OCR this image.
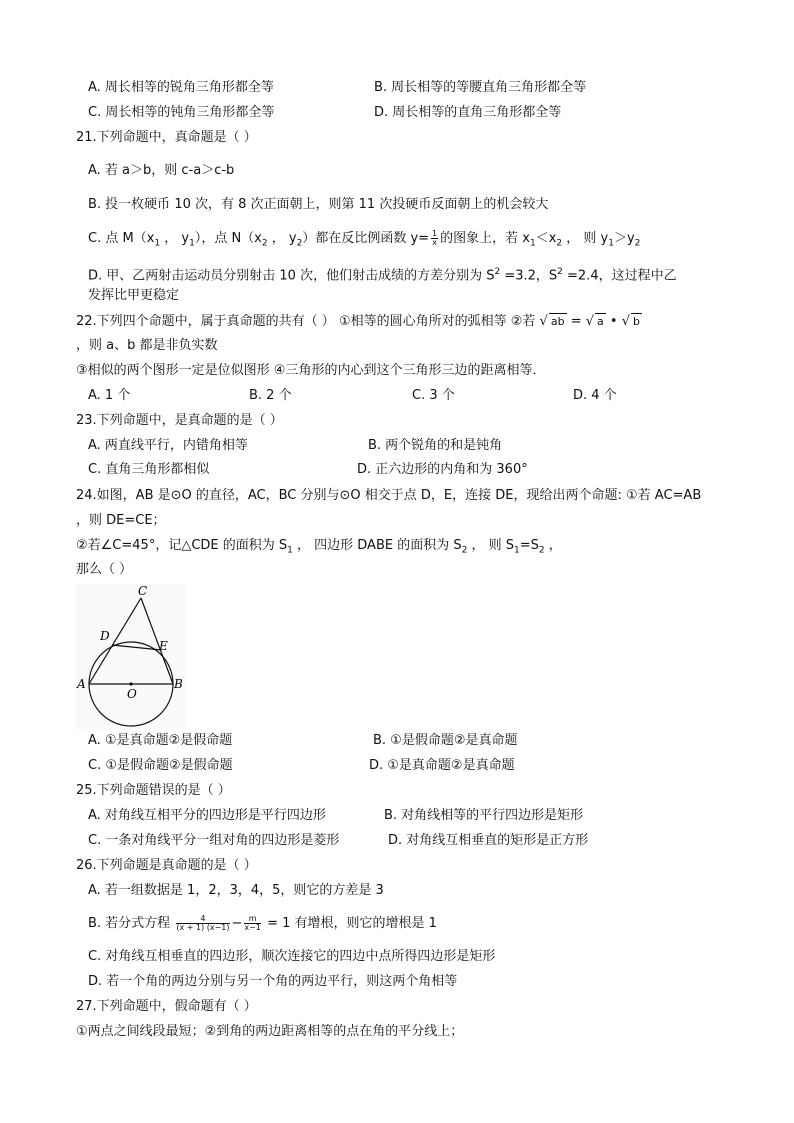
A. 周长相等的锐角三角形都全等	B. 周长相等的等腰直角三角形都全等
C. 周长相等的钝角三角形都全等	D. 周长相等的直角三角形都全等
21.下列命题中，真命题是（ ）
A. 若 a＞b，则 c-a＞c-b
B. 投一枚硬币 10 次，有 8 次正面朝上，则第 11 次投硬币反面朝上的机会较大
C. 点 $M(x_1$ ， $y_1$），点 $N(x_2$ ， $y_2$）都在反比例函数 $y= \frac{1}{x}$ 的图象上，若 $x_1<x_2$ ， 则 $y_1>y_2$
D. 甲、乙两射击运动员分别射击 10 次，他们射击成绩的方差分别为 $S^2 =3.2$，$S^2 =2.4$，这过程中乙
发挥比甲更稳定
22.下列四个命题中，属于真命题的共有（ ） ①相等的圆心角所对的弧相等 ②若 √ ab = √ a • √ b
，则 a、b 都是非负实数
③相似的两个图形一定是位似图形 ④三角形的内心到这个三角形三边的距离相等．
A. 1 个	B. 2 个	C. 3 个	D. 4 个
23.下列命题中，是真命题的是（ ）
A. 两直线平行，内错角相等	B. 两个锐角的和是钝角
C. 直角三角形都相似	D. 正六边形的内角和为 360°
24.如图，AB 是⊙O 的直径，AC，BC 分别与⊙O 相交于点 D，E，连接 DE，现给出两个命题: ①若 AC=AB
，则 DE=CE；
②若∠C=45°，记△CDE 的面积为 $S_1$ ， 四边形 DABE 的面积为 $S_2$ ， 则 $S_1=S_2$ ，
那么（ ）
C
D
E
A
O
B
A. ①是真命题②是假命题	B. ①是假命题②是真命题
C. ①是假命题②是假命题	D. ①是真命题②是真命题
25.下列命题错误的是（ ）
A. 对角线互相平分的四边形是平行四边形	B. 对角线相等的平行四边形是矩形
C. 一条对角线平分一组对角的四边形是菱形	D. 对角线互相垂直的矩形是正方形
26.下列命题是真命题的是（ ）
A. 若一组数据是 1，2，3，4，5，则它的方差是 3
B. 若分式方程 $\frac{4}{(x + 1) (x-1)} - \frac{m}{x-1} = 1$ 有增根，则它的增根是 1
C. 对角线互相垂直的四边形，顺次连接它的四边中点所得四边形是矩形
D. 若一个角的两边分别与另一个角的两边平行，则这两个角相等
27.下列命题中，假命题有（ ）
①两点之间线段最短；②到角的两边距离相等的点在角的平分线上；
